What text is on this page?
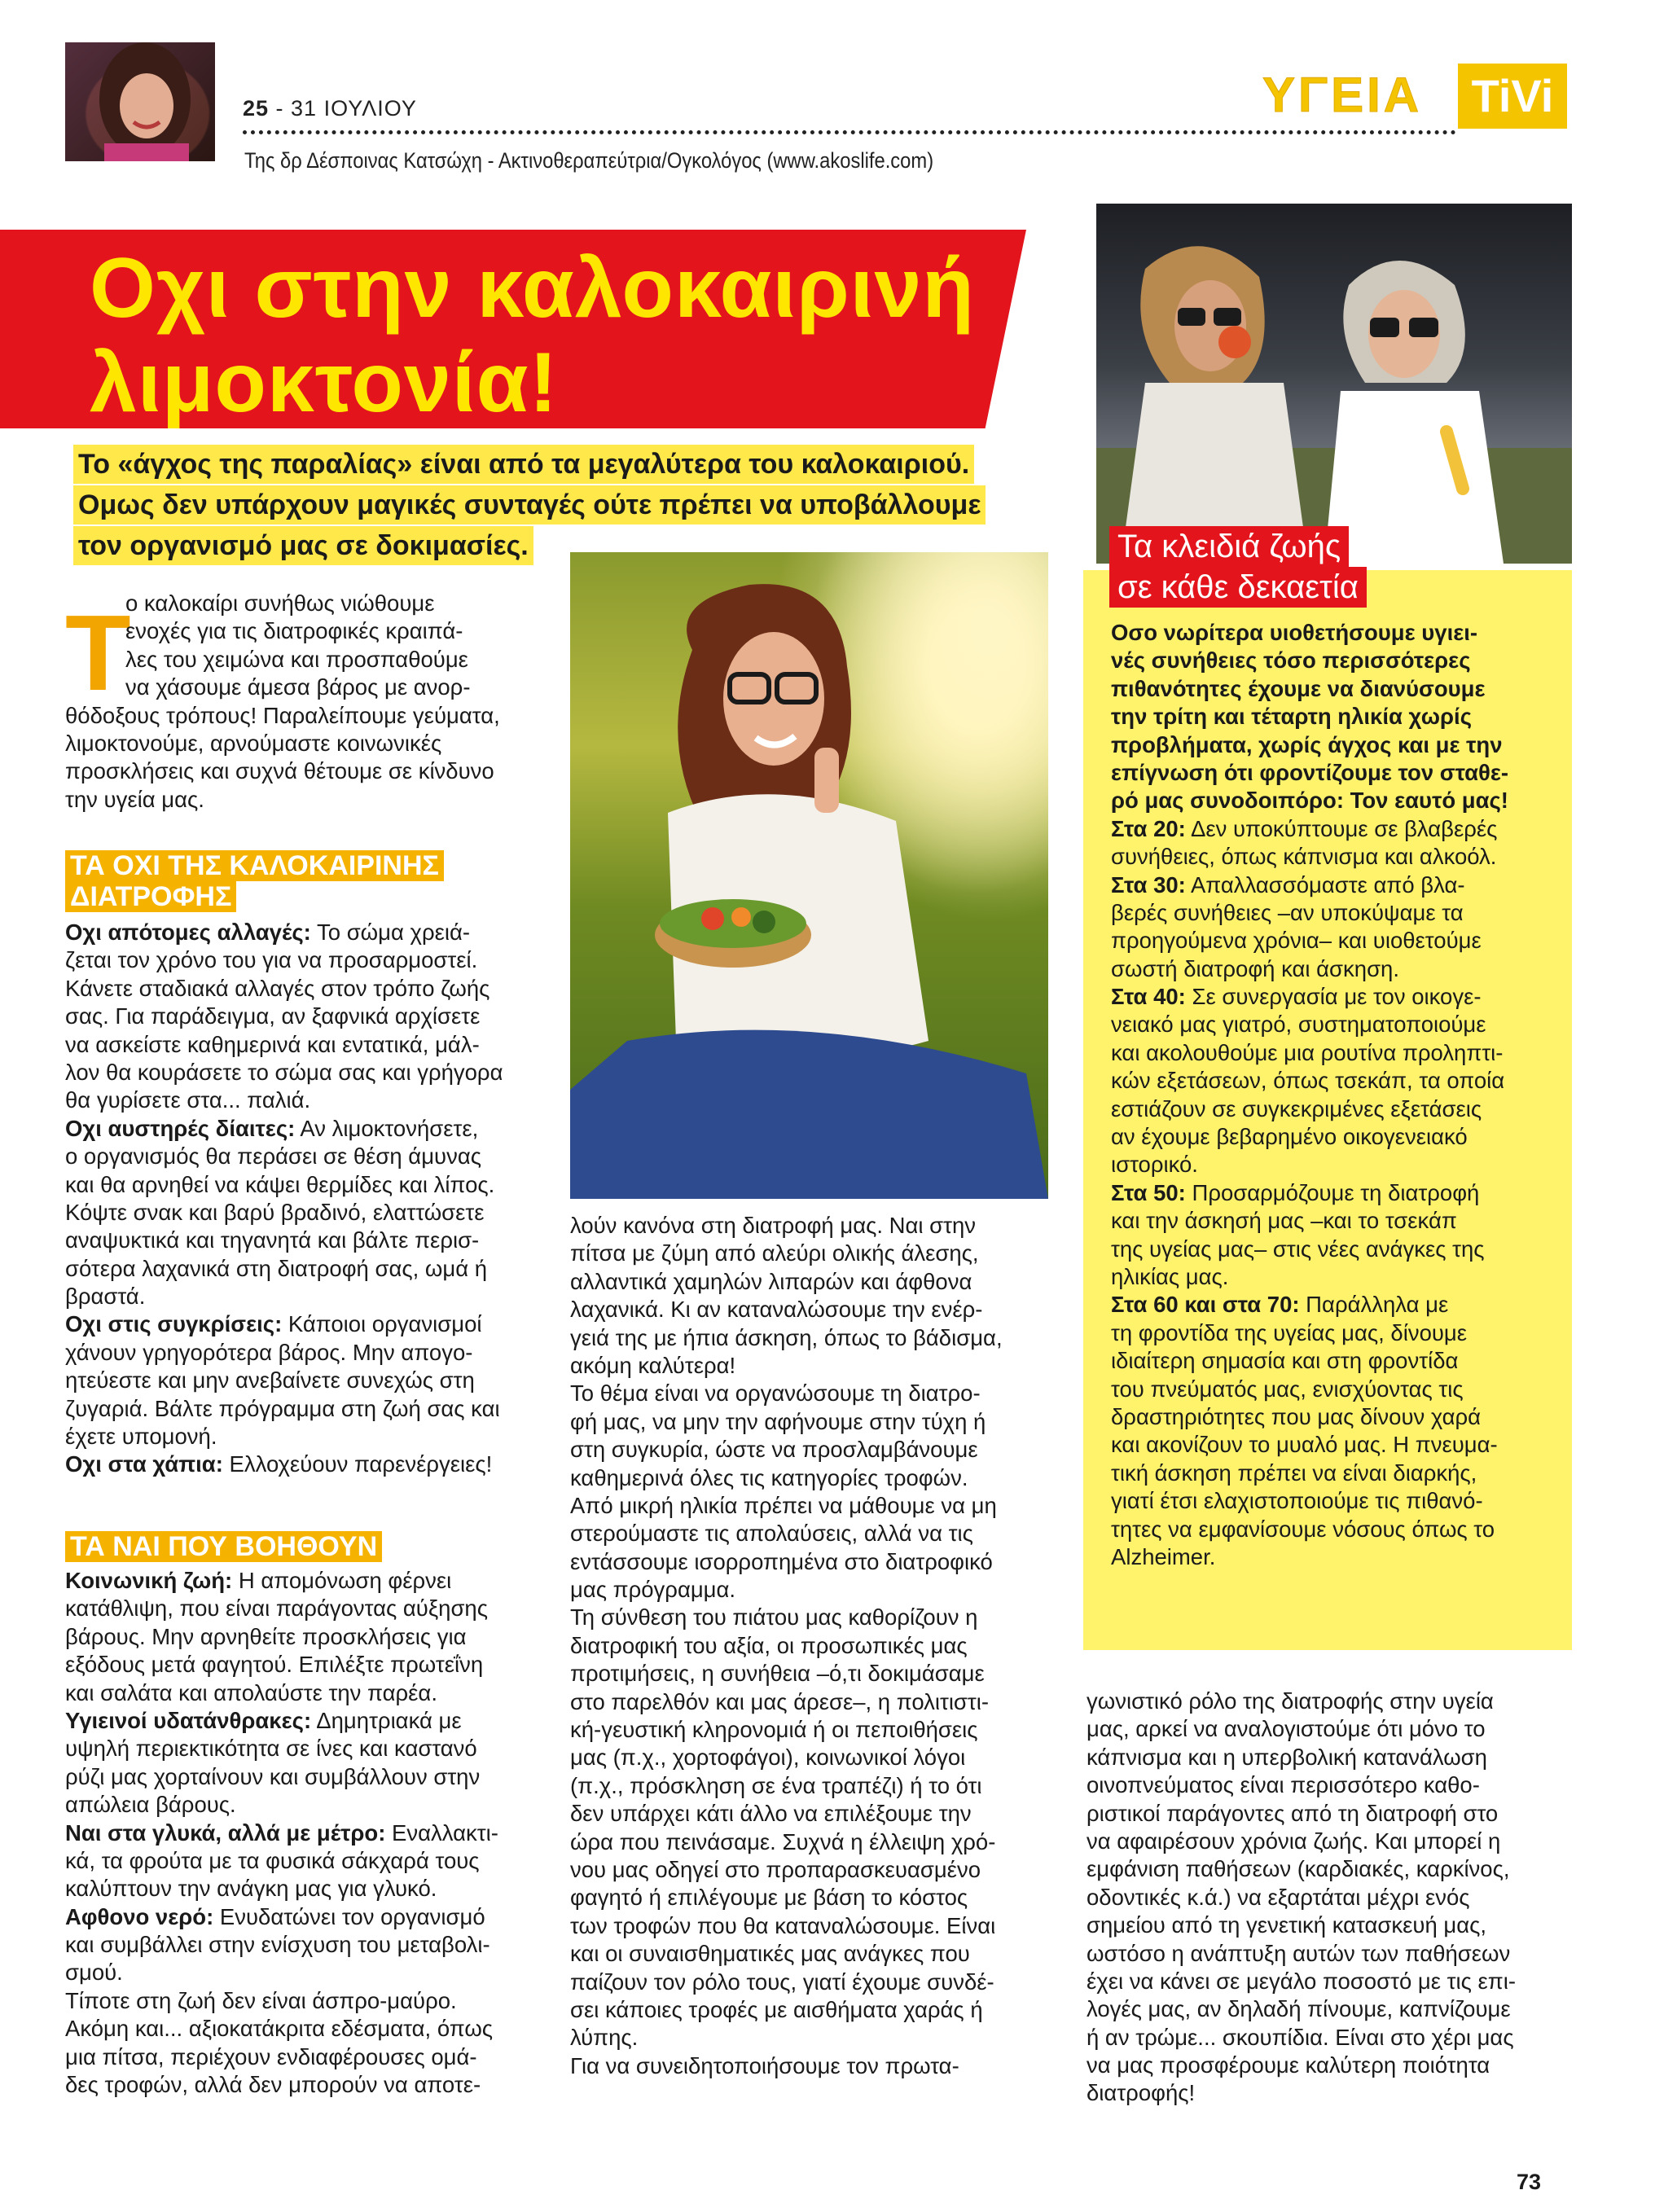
25 - 31 ΙΟΥΛΙΟΥ
Της δρ Δέσποινας Κατσώχη - Ακτινοθεραπεύτρια/Ογκολόγος (www.akoslife.com)
ΥΓΕΙΑ TiVi
Οχι στην καλοκαιρινή
λιμοκτονία!
Το «άγχος της παραλίας» είναι από τα μεγαλύτερα του καλοκαιριού.
Ομως δεν υπάρχουν μαγικές συνταγές ούτε πρέπει να υποβάλλουμε
τον οργανισμό μας σε δοκιμασίες.
Τ
ο καλοκαίρι συνήθως νιώθουμε
ενοχές για τις διατροφικές κραιπά-
λες του χειμώνα και προσπαθούμε
να χάσουμε άμεσα βάρος με ανορ-
θόδοξους τρόπους! Παραλείπουμε γεύματα,
λιμοκτονούμε, αρνούμαστε κοινωνικές
προσκλήσεις και συχνά θέτουμε σε κίνδυνο
την υγεία μας.
ΤΑ ΟΧΙ ΤΗΣ ΚΑΛΟΚΑΙΡΙΝΗΣ
ΔΙΑΤΡΟΦΗΣ
Οχι απότομες αλλαγές: Το σώμα χρειά-
ζεται τον χρόνο του για να προσαρμοστεί.
Κάνετε σταδιακά αλλαγές στον τρόπο ζωής
σας. Για παράδειγμα, αν ξαφνικά αρχίσετε
να ασκείστε καθημερινά και εντατικά, μάλ-
λον θα κουράσετε το σώμα σας και γρήγορα
θα γυρίσετε στα... παλιά.
Οχι αυστηρές δίαιτες: Αν λιμοκτονήσετε,
ο οργανισμός θα περάσει σε θέση άμυνας
και θα αρνηθεί να κάψει θερμίδες και λίπος.
Κόψτε σνακ και βαρύ βραδινό, ελαττώσετε
αναψυκτικά και τηγανητά και βάλτε περισ-
σότερα λαχανικά στη διατροφή σας, ωμά ή
βραστά.
Οχι στις συγκρίσεις: Κάποιοι οργανισμοί
χάνουν γρηγορότερα βάρος. Μην απογο-
ητεύεστε και μην ανεβαίνετε συνεχώς στη
ζυγαριά. Βάλτε πρόγραμμα στη ζωή σας και
έχετε υπομονή.
Οχι στα χάπια: Ελλοχεύουν παρενέργειες!
ΤΑ ΝΑΙ ΠΟΥ ΒΟΗΘΟΥΝ
Κοινωνική ζωή: Η απομόνωση φέρνει
κατάθλιψη, που είναι παράγοντας αύξησης
βάρους. Μην αρνηθείτε προσκλήσεις για
εξόδους μετά φαγητού. Επιλέξτε πρωτεΐνη
και σαλάτα και απολαύστε την παρέα.
Υγιεινοί υδατάνθρακες: Δημητριακά με
υψηλή περιεκτικότητα σε ίνες και καστανό
ρύζι μας χορταίνουν και συμβάλλουν στην
απώλεια βάρους.
Ναι στα γλυκά, αλλά με μέτρο: Εναλλακτι-
κά, τα φρούτα με τα φυσικά σάκχαρά τους
καλύπτουν την ανάγκη μας για γλυκό.
Αφθονο νερό: Ενυδατώνει τον οργανισμό
και συμβάλλει στην ενίσχυση του μεταβολι-
σμού.
Τίποτε στη ζωή δεν είναι άσπρο-μαύρο.
Ακόμη και... αξιοκατάκριτα εδέσματα, όπως
μια πίτσα, περιέχουν ενδιαφέρουσες ομά-
δες τροφών, αλλά δεν μπορούν να αποτε-
λούν κανόνα στη διατροφή μας. Ναι στην
πίτσα με ζύμη από αλεύρι ολικής άλεσης,
αλλαντικά χαμηλών λιπαρών και άφθονα
λαχανικά. Κι αν καταναλώσουμε την ενέρ-
γειά της με ήπια άσκηση, όπως το βάδισμα,
ακόμη καλύτερα!
Το θέμα είναι να οργανώσουμε τη διατρο-
φή μας, να μην την αφήνουμε στην τύχη ή
στη συγκυρία, ώστε να προσλαμβάνουμε
καθημερινά όλες τις κατηγορίες τροφών.
Από μικρή ηλικία πρέπει να μάθουμε να μη
στερούμαστε τις απολαύσεις, αλλά να τις
εντάσσουμε ισορροπημένα στο διατροφικό
μας πρόγραμμα.
Τη σύνθεση του πιάτου μας καθορίζουν η
διατροφική του αξία, οι προσωπικές μας
προτιμήσεις, η συνήθεια –ό,τι δοκιμάσαμε
στο παρελθόν και μας άρεσε–, η πολιτιστι-
κή-γευστική κληρονομιά ή οι πεποιθήσεις
μας (π.χ., χορτοφάγοι), κοινωνικοί λόγοι
(π.χ., πρόσκληση σε ένα τραπέζι) ή το ότι
δεν υπάρχει κάτι άλλο να επιλέξουμε την
ώρα που πεινάσαμε. Συχνά η έλλειψη χρό-
νου μας οδηγεί στο προπαρασκευασμένο
φαγητό ή επιλέγουμε με βάση το κόστος
των τροφών που θα καταναλώσουμε. Είναι
και οι συναισθηματικές μας ανάγκες που
παίζουν τον ρόλο τους, γιατί έχουμε συνδέ-
σει κάποιες τροφές με αισθήματα χαράς ή
λύπης.
Για να συνειδητοποιήσουμε τον πρωτα-
Τα κλειδιά ζωής
σε κάθε δεκαετία
Οσο νωρίτερα υιοθετήσουμε υγιει-
νές συνήθειες τόσο περισσότερες
πιθανότητες έχουμε να διανύσουμε
την τρίτη και τέταρτη ηλικία χωρίς
προβλήματα, χωρίς άγχος και με την
επίγνωση ότι φροντίζουμε τον σταθε-
ρό μας συνοδοιπόρο: Τον εαυτό μας!
Στα 20: Δεν υποκύπτουμε σε βλαβερές
συνήθειες, όπως κάπνισμα και αλκοόλ.
Στα 30: Απαλλασσόμαστε από βλα-
βερές συνήθειες –αν υποκύψαμε τα
προηγούμενα χρόνια– και υιοθετούμε
σωστή διατροφή και άσκηση.
Στα 40: Σε συνεργασία με τον οικογε-
νειακό μας γιατρό, συστηματοποιούμε
και ακολουθούμε μια ρουτίνα προληπτι-
κών εξετάσεων, όπως τσεκάπ, τα οποία
εστιάζουν σε συγκεκριμένες εξετάσεις
αν έχουμε βεβαρημένο οικογενειακό
ιστορικό.
Στα 50: Προσαρμόζουμε τη διατροφή
και την άσκησή μας –και το τσεκάπ
της υγείας μας– στις νέες ανάγκες της
ηλικίας μας.
Στα 60 και στα 70: Παράλληλα με
τη φροντίδα της υγείας μας, δίνουμε
ιδιαίτερη σημασία και στη φροντίδα
του πνεύματός μας, ενισχύοντας τις
δραστηριότητες που μας δίνουν χαρά
και ακονίζουν το μυαλό μας. Η πνευμα-
τική άσκηση πρέπει να είναι διαρκής,
γιατί έτσι ελαχιστοποιούμε τις πιθανό-
τητες να εμφανίσουμε νόσους όπως το
Alzheimer.
γωνιστικό ρόλο της διατροφής στην υγεία
μας, αρκεί να αναλογιστούμε ότι μόνο το
κάπνισμα και η υπερβολική κατανάλωση
οινοπνεύματος είναι περισσότερο καθο-
ριστικοί παράγοντες από τη διατροφή στο
να αφαιρέσουν χρόνια ζωής. Και μπορεί η
εμφάνιση παθήσεων (καρδιακές, καρκίνος,
οδοντικές κ.ά.) να εξαρτάται μέχρι ενός
σημείου από τη γενετική κατασκευή μας,
ωστόσο η ανάπτυξη αυτών των παθήσεων
έχει να κάνει σε μεγάλο ποσοστό με τις επι-
λογές μας, αν δηλαδή πίνουμε, καπνίζουμε
ή αν τρώμε... σκουπίδια. Είναι στο χέρι μας
να μας προσφέρουμε καλύτερη ποιότητα
διατροφής!
73
